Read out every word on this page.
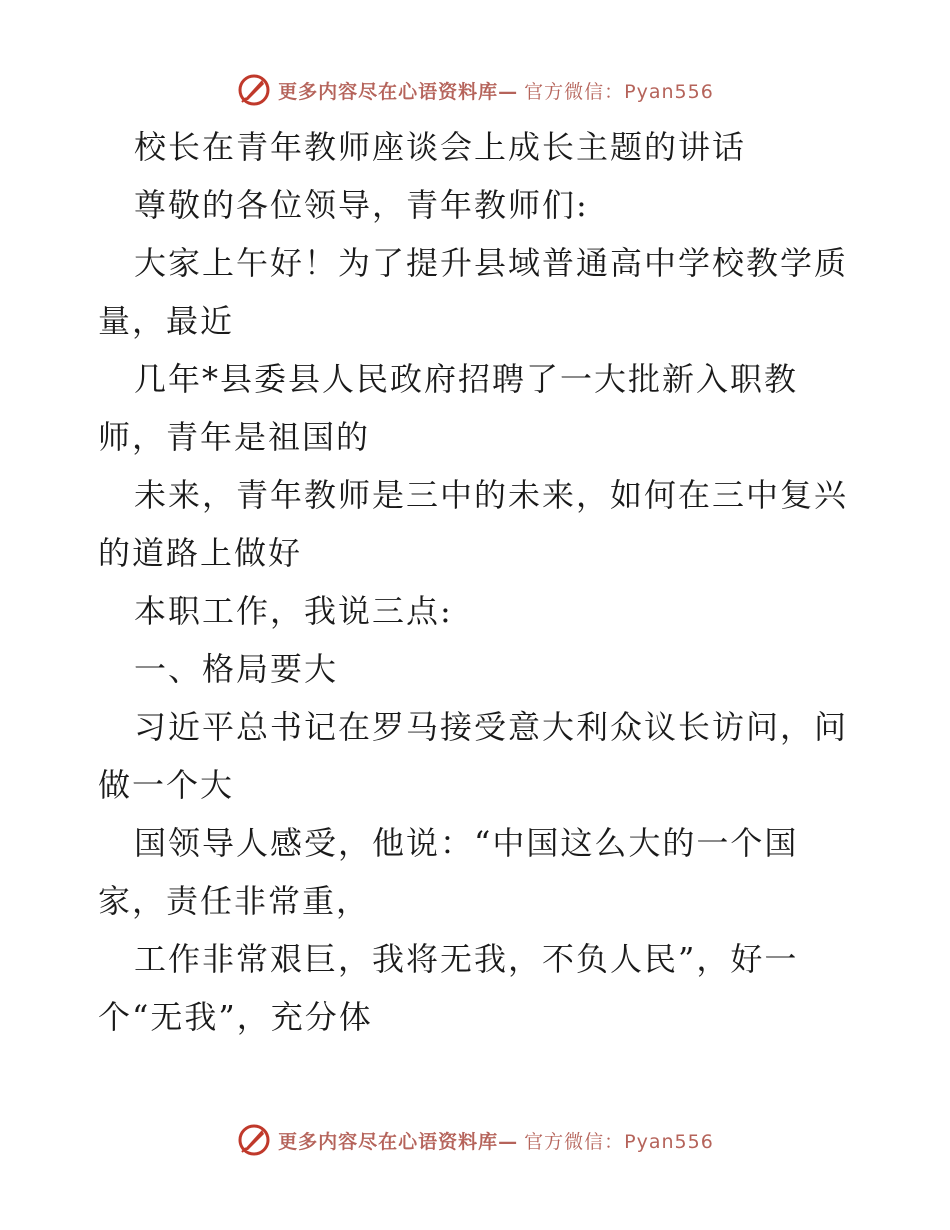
更多内容尽在心语资料库— 官方微信：Pyan556

校长在青年教师座谈会上成长主题的讲话

尊敬的各位领导，青年教师们:

大家上午好！为了提升县域普通高中学校教学质量，最近

几年*县委县人民政府招聘了一大批新入职教师，青年是祖国的

未来，青年教师是三中的未来，如何在三中复兴的道路上做好

本职工作，我说三点:

一、格局要大

习近平总书记在罗马接受意大利众议长访问，问做一个大

国领导人感受，他说：“中国这么大的一个国家，责任非常重，

工作非常艰巨，我将无我，不负人民”，好一个“无我”，充分体

更多内容尽在心语资料库— 官方微信：Pyan556
